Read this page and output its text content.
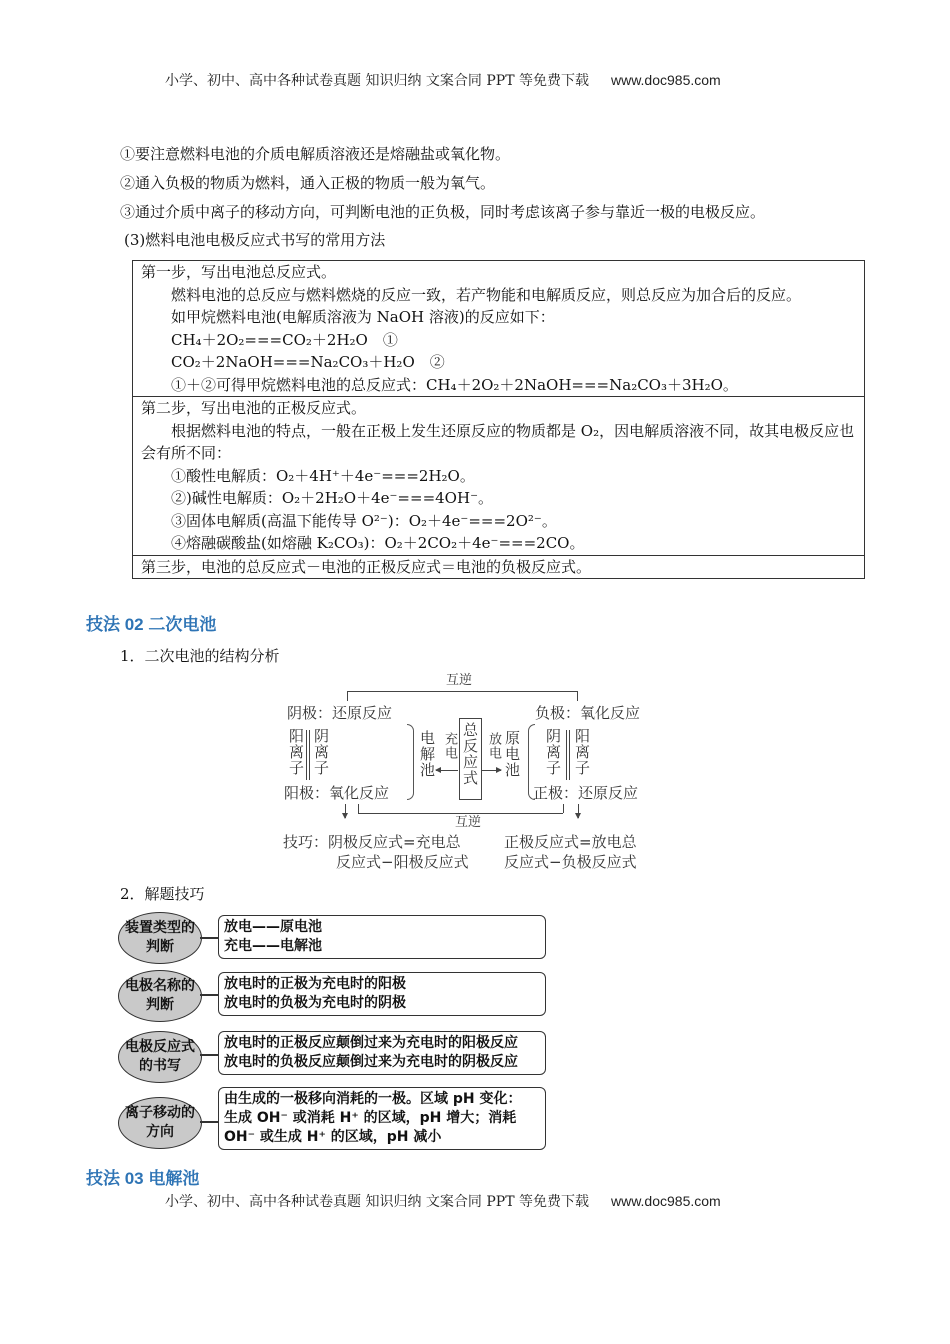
小学、初中、高中各种试卷真题 知识归纳 文案合同 PPT 等免费下载 www.doc985.com
①要注意燃料电池的介质电解质溶液还是熔融盐或氧化物。
②通入负极的物质为燃料，通入正极的物质一般为氧气。
③通过介质中离子的移动方向，可判断电池的正负极，同时考虑该离子参与靠近一极的电极反应。
(3)燃料电池电极反应式书写的常用方法
第一步，写出电池总反应式。
燃料电池的总反应与燃料燃烧的反应一致，若产物能和电解质反应，则总反应为加合后的反应。
如甲烷燃料电池(电解质溶液为 NaOH 溶液)的反应如下：
CH₄＋2O₂===CO₂＋2H₂O　①
CO₂＋2NaOH===Na₂CO₃＋H₂O　②
①＋②可得甲烷燃料电池的总反应式：CH₄＋2O₂＋2NaOH===Na₂CO₃＋3H₂O。
第二步，写出电池的正极反应式。
根据燃料电池的特点，一般在正极上发生还原反应的物质都是 O₂，因电解质溶液不同，故其电极反应也会有所不同：
①酸性电解质：O₂＋4H⁺＋4e⁻===2H₂O。
②)碱性电解质：O₂＋2H₂O＋4e⁻===4OH⁻。
③固体电解质(高温下能传导 O²⁻)：O₂＋4e⁻===2O²⁻。
④熔融碳酸盐(如熔融 K₂CO₃)：O₂＋2CO₂＋4e⁻===2CO。
第三步，电池的总反应式－电池的正极反应式＝电池的负极反应式。
技法 02 二次电池
1．二次电池的结构分析
互逆
阴极：还原反应	负极：氧化反应
阳离子 阴离子
阳极：氧化反应
电解池 充电 总反应式 放电 原电池 阴离子 阳离子
正极：还原反应
互逆
技巧：阴极反应式=充电总
反应式−阳极反应式
正极反应式=放电总
反应式−负极反应式
2．解题技巧
装置类型的判断
放电——原电池
充电——电解池
电极名称的判断
放电时的正极为充电时的阳极
放电时的负极为充电时的阴极
电极反应式的书写
放电时的正极反应颠倒过来为充电时的阳极反应
放电时的负极反应颠倒过来为充电时的阴极反应
离子移动的方向
由生成的一极移向消耗的一极。区域 pH 变化：
生成 OH⁻ 或消耗 H⁺ 的区域，pH 增大；消耗
OH⁻ 或生成 H⁺ 的区域，pH 减小
技法 03 电解池
小学、初中、高中各种试卷真题 知识归纳 文案合同 PPT 等免费下载 www.doc985.com
